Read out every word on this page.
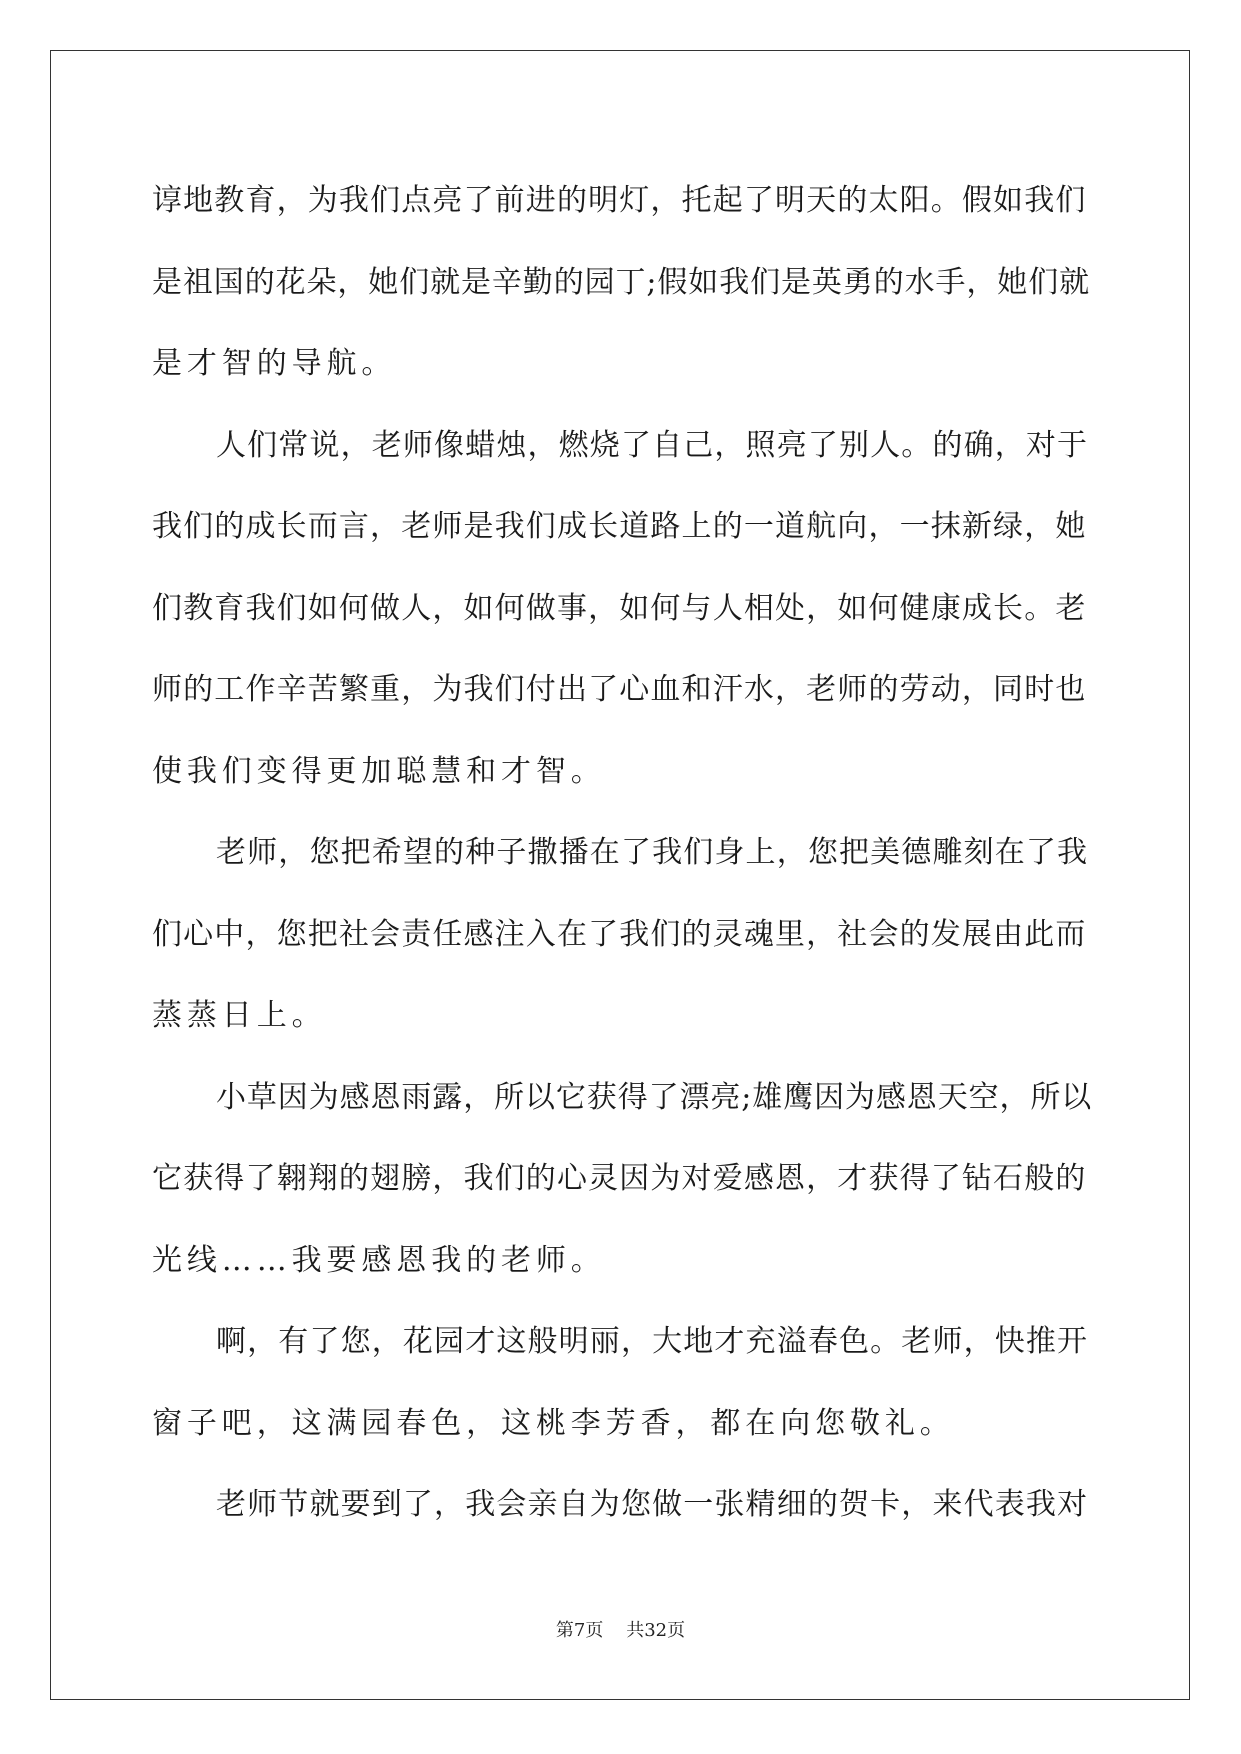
谆地教育，为我们点亮了前进的明灯，托起了明天的太阳。假如我们
是祖国的花朵，她们就是辛勤的园丁;假如我们是英勇的水手，她们就
是才智的导航。
人们常说，老师像蜡烛，燃烧了自己，照亮了别人。的确，对于
我们的成长而言，老师是我们成长道路上的一道航向，一抹新绿，她
们教育我们如何做人，如何做事，如何与人相处，如何健康成长。老
师的工作辛苦繁重，为我们付出了心血和汗水，老师的劳动，同时也
使我们变得更加聪慧和才智。
老师，您把希望的种子撒播在了我们身上，您把美德雕刻在了我
们心中，您把社会责任感注入在了我们的灵魂里，社会的发展由此而
蒸蒸日上。
小草因为感恩雨露，所以它获得了漂亮;雄鹰因为感恩天空，所以
它获得了翱翔的翅膀，我们的心灵因为对爱感恩，才获得了钻石般的
光线……我要感恩我的老师。
啊，有了您，花园才这般明丽，大地才充溢春色。老师，快推开
窗子吧，这满园春色，这桃李芳香，都在向您敬礼。
老师节就要到了，我会亲自为您做一张精细的贺卡，来代表我对
第7页 共32页
